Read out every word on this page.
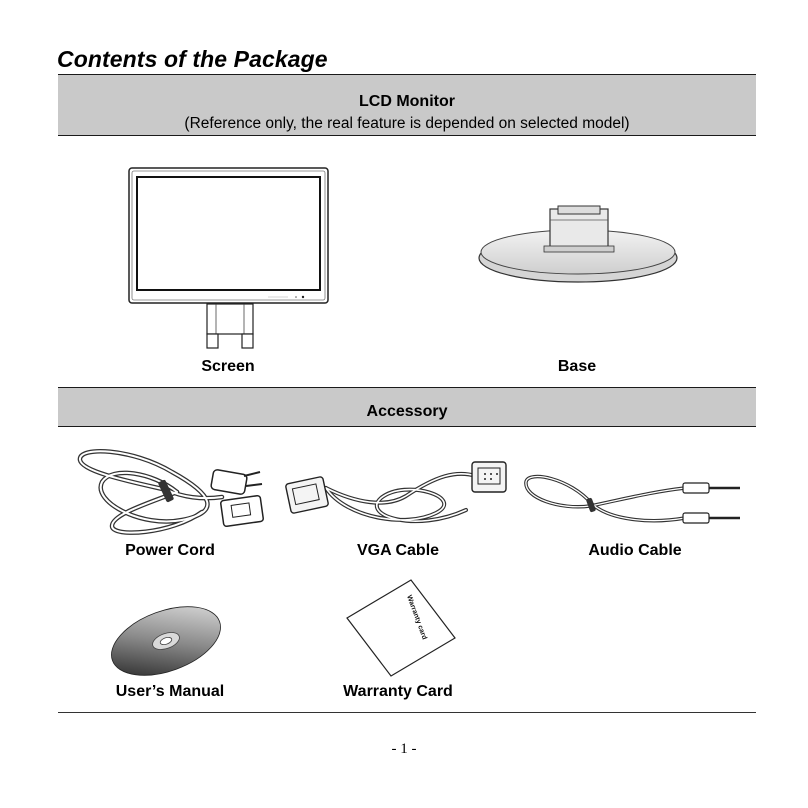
Contents of the Package
LCD Monitor
(Reference only, the real feature is depended on selected model)
Screen	Base
Accessory
Power Cord	VGA Cable	Audio Cable
Warranty card
User’s Manual	Warranty Card
- 1 -
